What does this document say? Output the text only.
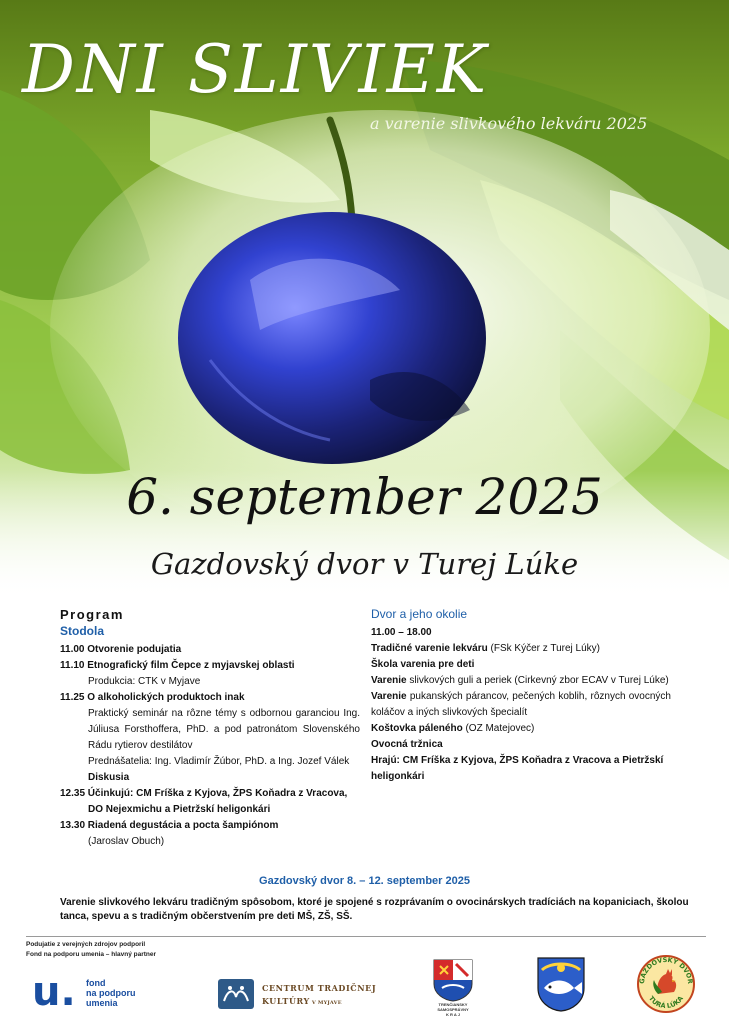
DNI SLIVIEK
a varenie slivkového lekváru 2025
6. september 2025
Gazdovský dvor v Turej Lúke
Program
Stodola
11.00 Otvorenie podujatia
11.10 Etnografický film Čepce z myjavskej oblasti
Produkcia: CTK v Myjave
11.25 O alkoholických produktoch inak
Praktický seminár na rôzne témy s odbornou garanciou Ing. Júliusa Forsthoffera, PhD. a pod patronátom Slovenského Rádu rytierov destilátov
Prednášatelia: Ing. Vladimír Žúbor, PhD. a Ing. Jozef Válek
Diskusia
12.35 Účinkujú: CM Fríška z Kyjova, ŽPS Koňadra z Vracova,
DO Nejexmichu a Pietržskí heligonkári
13.30 Riadená degustácia a pocta šampiónom
(Jaroslav Obuch)
Dvor a jeho okolie
11.00 – 18.00
Tradičné varenie lekváru (FSk Kýčer z Turej Lúky)
Škola varenia pre deti
Varenie slivkových guli a periek (Cirkevný zbor ECAV v Turej Lúke)
Varenie pukanských párancov, pečených koblih, rôznych ovocných koláčov a iných slivkových špecialít
Koštovka páleného (OZ Matejovec)
Ovocná tržnica
Hrajú: CM Fríška z Kyjova, ŽPS Koňadra z Vracova a Pietržskí
heligonkári
Gazdovský dvor 8. – 12. september 2025
Varenie slivkového lekváru tradičným spôsobom, ktoré je spojené s rozprávaním o ovocinárskych tradíciách na kopaniciach, školou tanca, spevu a s tradičným občerstvením pre deti MŠ, ZŠ, SŠ.
Podujatie z verejných zdrojov podporil
Fond na podporu umenia – hlavný partner
u. fond
na podporu
umenia
CENTRUM TRADIČNEJ
KULTÚRY V MYJAVE	TRENČIANSKY
SAMOSPRÁVNY
K R A J
GAZDOVSKÝ DVOR
TURÁ LÚKA
